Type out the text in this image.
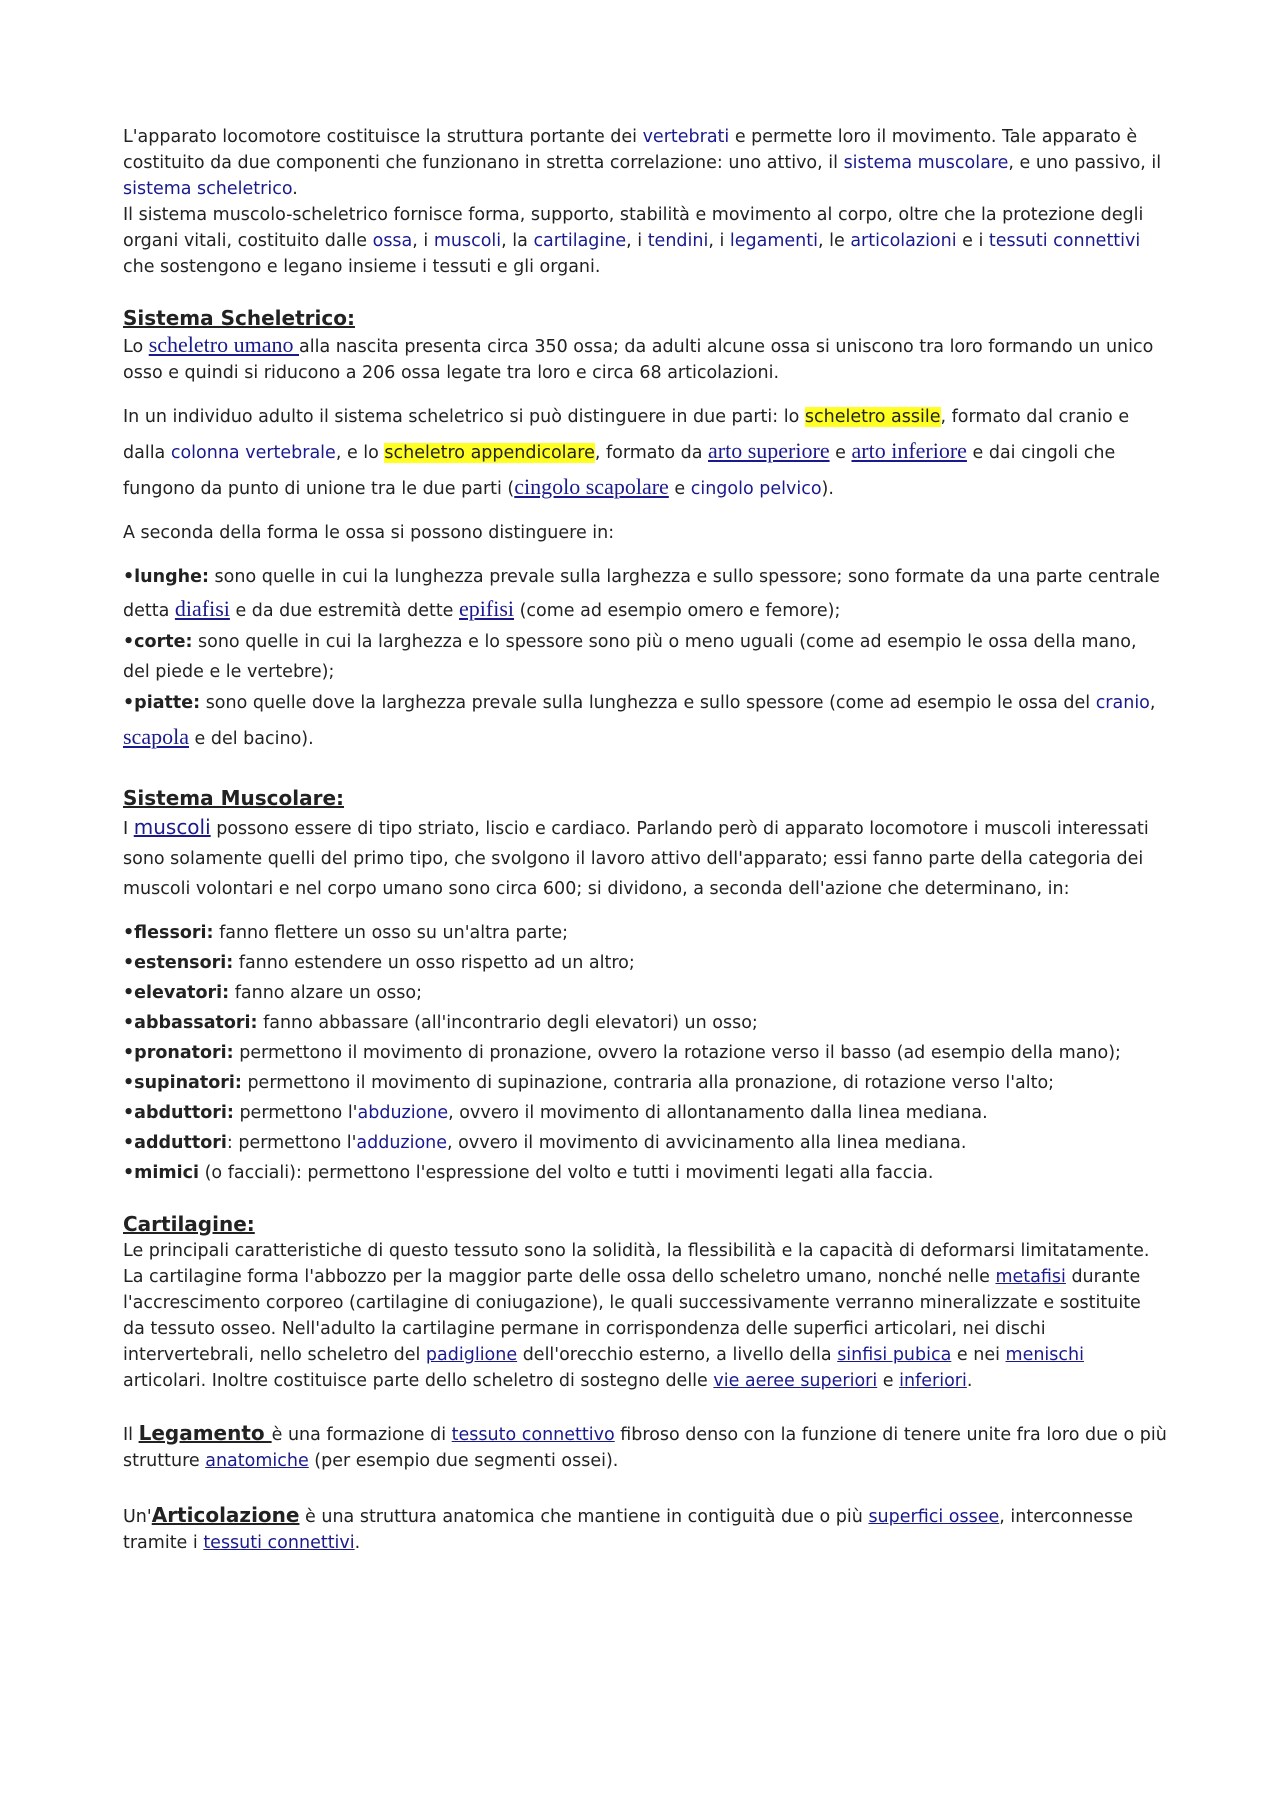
L'apparato locomotore costituisce la struttura portante dei vertebrati e permette loro il movimento. Tale apparato è costituito da due componenti che funzionano in stretta correlazione: uno attivo, il sistema muscolare, e uno passivo, il sistema scheletrico.

Il sistema muscolo-scheletrico fornisce forma, supporto, stabilità e movimento al corpo, oltre che la protezione degli organi vitali, costituito dalle ossa, i muscoli, la cartilagine, i tendini, i legamenti, le articolazioni e i tessuti connettivi che sostengono e legano insieme i tessuti e gli organi.

Sistema Scheletrico:

Lo scheletro umano alla nascita presenta circa 350 ossa; da adulti alcune ossa si uniscono tra loro formando un unico osso e quindi si riducono a 206 ossa legate tra loro e circa 68 articolazioni.

In un individuo adulto il sistema scheletrico si può distinguere in due parti: lo scheletro assile, formato dal cranio e dalla colonna vertebrale, e lo scheletro appendicolare, formato da arto superiore e arto inferiore e dai cingoli che fungono da punto di unione tra le due parti (cingolo scapolare e cingolo pelvico).

A seconda della forma le ossa si possono distinguere in:

•lunghe: sono quelle in cui la lunghezza prevale sulla larghezza e sullo spessore; sono formate da una parte centrale detta diafisi e da due estremità dette epifisi (come ad esempio omero e femore);

•corte: sono quelle in cui la larghezza e lo spessore sono più o meno uguali (come ad esempio le ossa della mano, del piede e le vertebre);

•piatte: sono quelle dove la larghezza prevale sulla lunghezza e sullo spessore (come ad esempio le ossa del cranio, scapola e del bacino).

Sistema Muscolare:

I muscoli possono essere di tipo striato, liscio e cardiaco. Parlando però di apparato locomotore i muscoli interessati sono solamente quelli del primo tipo, che svolgono il lavoro attivo dell'apparato; essi fanno parte della categoria dei muscoli volontari e nel corpo umano sono circa 600; si dividono, a seconda dell'azione che determinano, in:

•flessori: fanno flettere un osso su un'altra parte;

•estensori: fanno estendere un osso rispetto ad un altro;

•elevatori: fanno alzare un osso;

•abbassatori: fanno abbassare (all'incontrario degli elevatori) un osso;

•pronatori: permettono il movimento di pronazione, ovvero la rotazione verso il basso (ad esempio della mano);

•supinatori: permettono il movimento di supinazione, contraria alla pronazione, di rotazione verso l'alto;

•abduttori: permettono l'abduzione, ovvero il movimento di allontanamento dalla linea mediana.

•adduttori: permettono l'adduzione, ovvero il movimento di avvicinamento alla linea mediana.

•mimici (o facciali): permettono l'espressione del volto e tutti i movimenti legati alla faccia.

Cartilagine:

Le principali caratteristiche di questo tessuto sono la solidità, la flessibilità e la capacità di deformarsi limitatamente. La cartilagine forma l'abbozzo per la maggior parte delle ossa dello scheletro umano, nonché nelle metafisi durante l'accrescimento corporeo (cartilagine di coniugazione), le quali successivamente verranno mineralizzate e sostituite da tessuto osseo. Nell'adulto la cartilagine permane in corrispondenza delle superfici articolari, nei dischi intervertebrali, nello scheletro del padiglione dell'orecchio esterno, a livello della sinfisi pubica e nei menischi articolari. Inoltre costituisce parte dello scheletro di sostegno delle vie aeree superiori e inferiori.

Il Legamento è una formazione di tessuto connettivo fibroso denso con la funzione di tenere unite fra loro due o più strutture anatomiche (per esempio due segmenti ossei).

Un'Articolazione è una struttura anatomica che mantiene in contiguità due o più superfici ossee, interconnesse tramite i tessuti connettivi.
